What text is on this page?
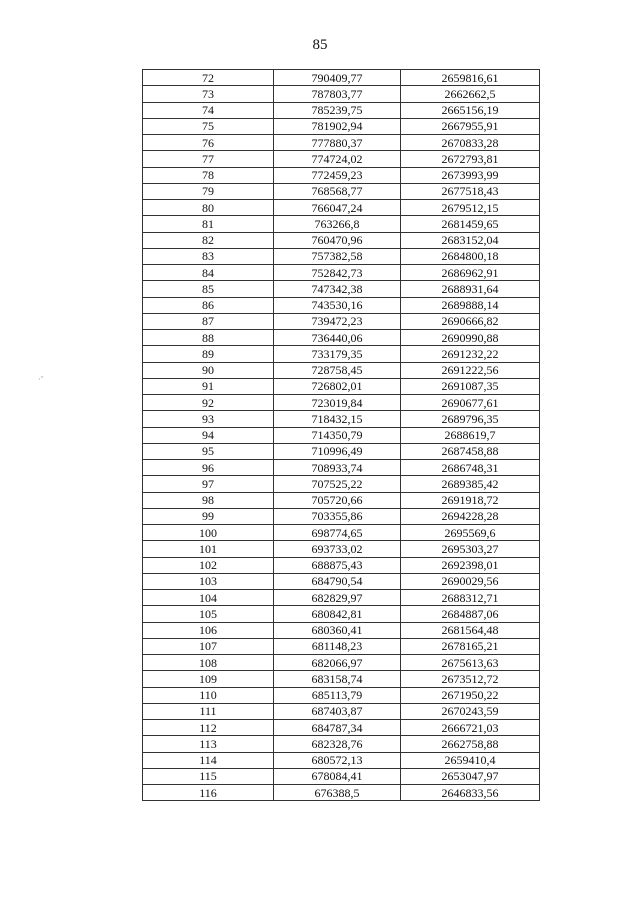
85
72	790409,77	2659816,61
73	787803,77	2662662,5
74	785239,75	2665156,19
75	781902,94	2667955,91
76	777880,37	2670833,28
77	774724,02	2672793,81
78	772459,23	2673993,99
79	768568,77	2677518,43
80	766047,24	2679512,15
81	763266,8	2681459,65
82	760470,96	2683152,04
83	757382,58	2684800,18
84	752842,73	2686962,91
85	747342,38	2688931,64
86	743530,16	2689888,14
87	739472,23	2690666,82
88	736440,06	2690990,88
89	733179,35	2691232,22
90	728758,45	2691222,56
91	726802,01	2691087,35
92	723019,84	2690677,61
93	718432,15	2689796,35
94	714350,79	2688619,7
95	710996,49	2687458,88
96	708933,74	2686748,31
97	707525,22	2689385,42
98	705720,66	2691918,72
99	703355,86	2694228,28
100	698774,65	2695569,6
101	693733,02	2695303,27
102	688875,43	2692398,01
103	684790,54	2690029,56
104	682829,97	2688312,71
105	680842,81	2684887,06
106	680360,41	2681564,48
107	681148,23	2678165,21
108	682066,97	2675613,63
109	683158,74	2673512,72
110	685113,79	2671950,22
111	687403,87	2670243,59
112	684787,34	2666721,03
113	682328,76	2662758,88
114	680572,13	2659410,4
115	678084,41	2653047,97
116	676388,5	2646833,56
·ˇ
